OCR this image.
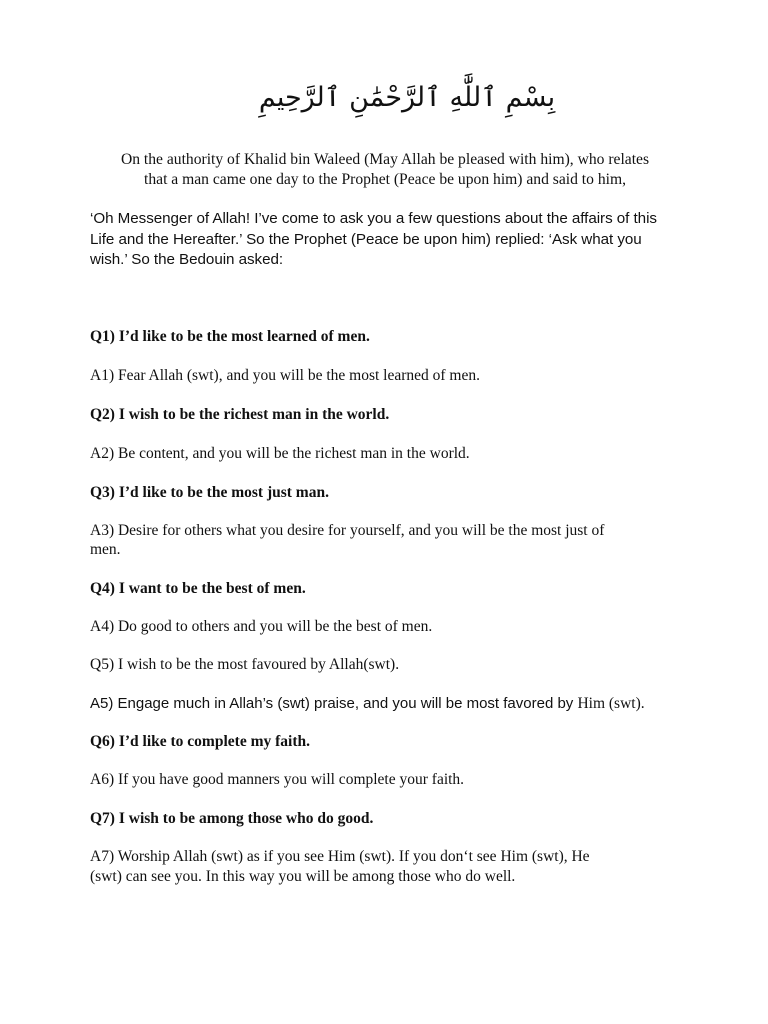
بِسْمِ ٱللَّٰهِ ٱلرَّحْمَٰنِ ٱلرَّحِيمِ
On the authority of Khalid bin Waleed (May Allah be pleased with him), who relates
that a man came one day to the Prophet (Peace be upon him) and said to him,
‘Oh Messenger of Allah! I’ve come to ask you a few questions about the affairs of this
Life and the Hereafter.’ So the Prophet (Peace be upon him) replied: ‘Ask what you
wish.’ So the Bedouin asked:
Q1) I’d like to be the most learned of men.
A1) Fear Allah (swt), and you will be the most learned of men.
Q2) I wish to be the richest man in the world.
A2) Be content, and you will be the richest man in the world.
Q3) I’d like to be the most just man.
A3) Desire for others what you desire for yourself, and you will be the most just of
men.
Q4) I want to be the best of men.
A4) Do good to others and you will be the best of men.
Q5) I wish to be the most favoured by Allah(swt).
A5) Engage much in Allah’s (swt) praise, and you will be most favored by Him (swt).
Q6) I’d like to complete my faith.
A6) If you have good manners you will complete your faith.
Q7) I wish to be among those who do good.
A7) Worship Allah (swt) as if you see Him (swt). If you don‘t see Him (swt), He
(swt) can see you. In this way you will be among those who do well.
